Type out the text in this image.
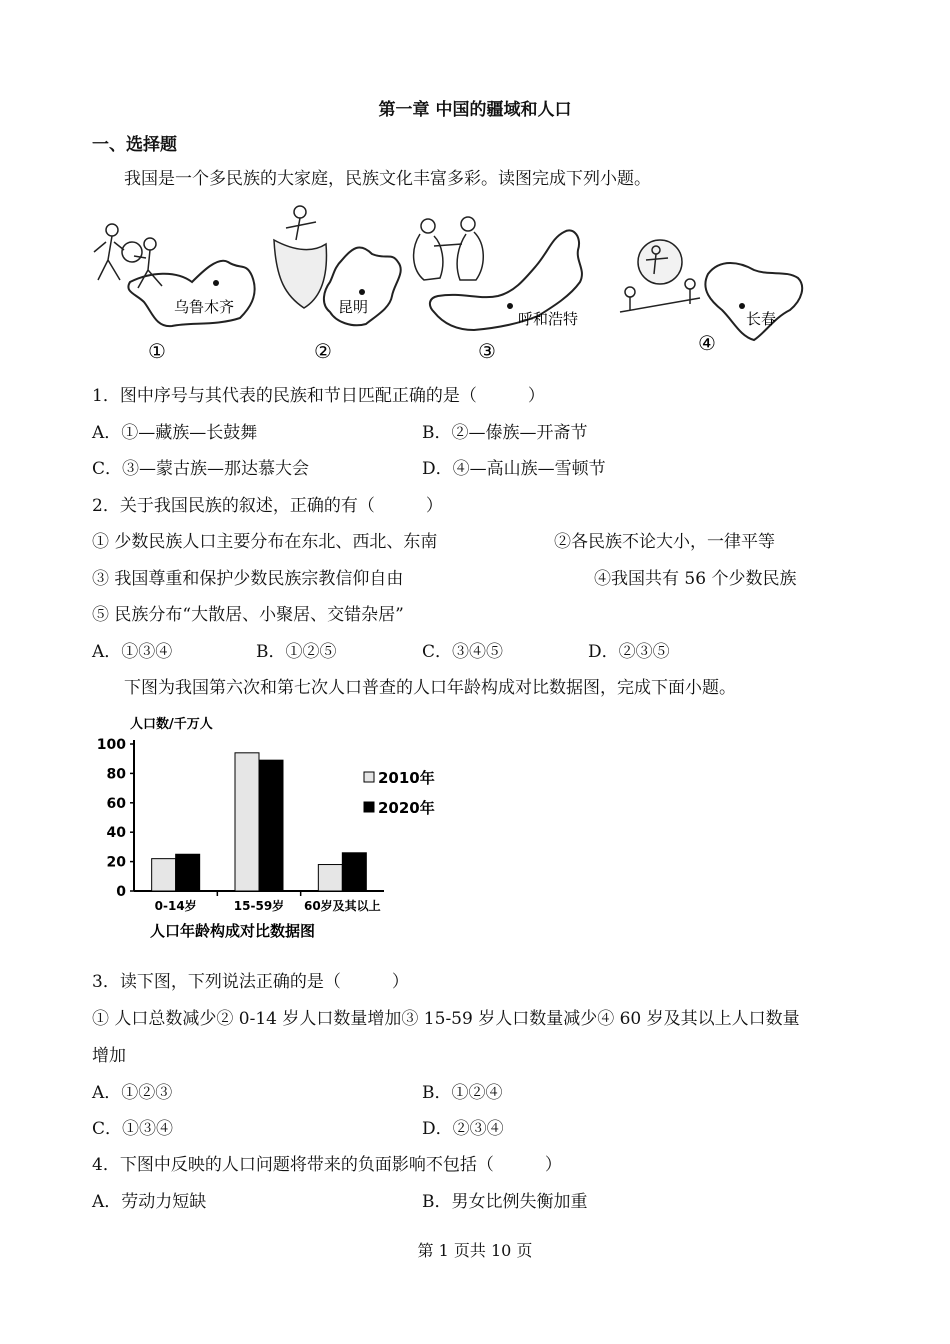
第一章 中国的疆域和人口
一、选择题
我国是一个多民族的大家庭，民族文化丰富多彩。读图完成下列小题。
乌鲁木齐
①
昆明
②
呼和浩特
③
长春
④
1．图中序号与其代表的民族和节日匹配正确的是（　　　）
A．①—藏族—长鼓舞	B．②—傣族—开斋节
C．③—蒙古族—那达慕大会	D．④—高山族—雪顿节
2．关于我国民族的叙述，正确的有（　　　）
① 少数民族人口主要分布在东北、西北、东南	②各民族不论大小，一律平等
③ 我国尊重和保护少数民族宗教信仰自由	④我国共有 56 个少数民族
⑤ 民族分布“大散居、小聚居、交错杂居”
A．①③④	B．①②⑤	C．③④⑤	D．②③⑤
下图为我国第六次和第七次人口普查的人口年龄构成对比数据图，完成下面小题。
人口数/千万人
人口年龄构成对比数据图
0
20
40
60
80
100
0-14岁	15-59岁 60岁及其以上
2010年
2020年
3．读下图，下列说法正确的是（　　　）
① 人口总数减少② 0-14 岁人口数量增加③ 15-59 岁人口数量减少④ 60 岁及其以上人口数量
增加
A．①②③	B．①②④
C．①③④	D．②③④
4．下图中反映的人口问题将带来的负面影响不包括（　　　）
A．劳动力短缺	B．男女比例失衡加重
第 1 页共 10 页
